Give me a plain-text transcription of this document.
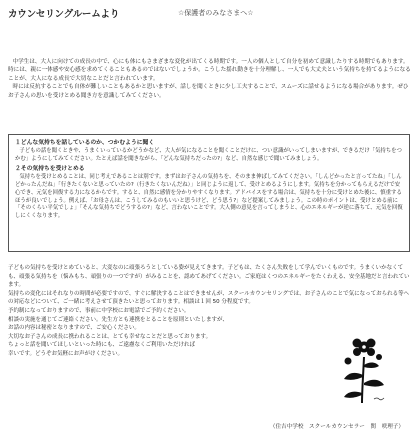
カウンセリングルームより	☆保護者のみなさまへ☆

中学生は、大人に向けての成長の中で、心にも体にもさまざまな変化が出てくる時期です。一人の個人として自分を初めて意識したりする時期でもあります。時には、親に一体感や安心感を求めてくることもあるのではないでしょうか。こうした揺れ動きを十分理解し、一人でも大丈夫という気持ちを持てるようになることが、大人になる成長で大切なことだと言われています。

時には反抗することでも自体が難しいこともあるかと思いますが、話しを聞くときに少し工夫することで、スムーズに話せるようになる場合があります。ぜひお子さんの思いを受けとめる聞き方を意識してみてください。

１どんな気持ちを話しているのか、つかむように聞く

子どもの話を聞くときや、うまくいっているかどうかなど、大人が気になることを聞くことだけに、つい意識がいってしまいますが、できるだけ「気持ちをつかむ」ようにしてみてください。たとえば話を聞きながら、「どんな気持ちだったの?」など、自然な感じで聞いてみましょう。

２その気持ちを受けとめる

気持ちを受けとめることは、同じ考えであることは別です。まずはお子さんの気持ちを、そのまま伸ばしてみてください。「しんどかったと言ってたね」「しんどかったんだね」「行きたくないと思っていたの?（行きたくないんだね）」と同じように返して、受けとめるようにします。気持ちを分かってもらえるだけで安心でき、元気を回復する力になるからです。すると、自然に感情を分かりやすくなります。アドバイスをする場合は、気持ちを十分に受けとめた後に、慎重するほうが良いでしょう。例えば、「お母さんは、こうしてみるのもいいと思うけど、どう思う?」など提案してみましょう。この時のポイントは、受けとめる前に「そのくらい平気でしょ」「そんな気持ちでどうするの?」など、言わないことです。大人側の意見を言ってしまうと、心のエネルギーが逆に落ちて、元気を回復しにくくなります。

子どもの気持ちを受けとめていると、大変なのに頑張ろうとしている姿が見えてきます。子どもは、たくさん失敗をして学んでいくものです。うまくいかなくても、頑張る気持ちを（悩みもち、頑張りの一つですが）がみることを、認めてあげてください。ご家庭はくつのエネルギーをたくわえる、安全基地だと言われています。

気持ちの変化にはそれなりの時間が必要ですので、すぐに解決することはできませんが、スクールカウンセリングでは、お子さんのことで気になっておられる等への対応などについて、ご一緒に考えさせて頂きたいと思っております。相談は１回 50 分程度です。

予約制になっておりますので、事前に中学校にお電話でご予約ください。

相談の実施を通じてご連絡ください。先生方とも連携をとることを原則といたしますが、

お話の内容は秘密となりますので、ご安心ください。

大切なお子さんの成長に携われることは、とても幸せなことだと思っております。

ちょっと話を聞いてほしいといった時にも、ご遠慮なくご利用いただければ

幸いです。どうぞお気軽にお声がけください。

（住吉中学校　スクールカウンセラー　関　咲理子）
